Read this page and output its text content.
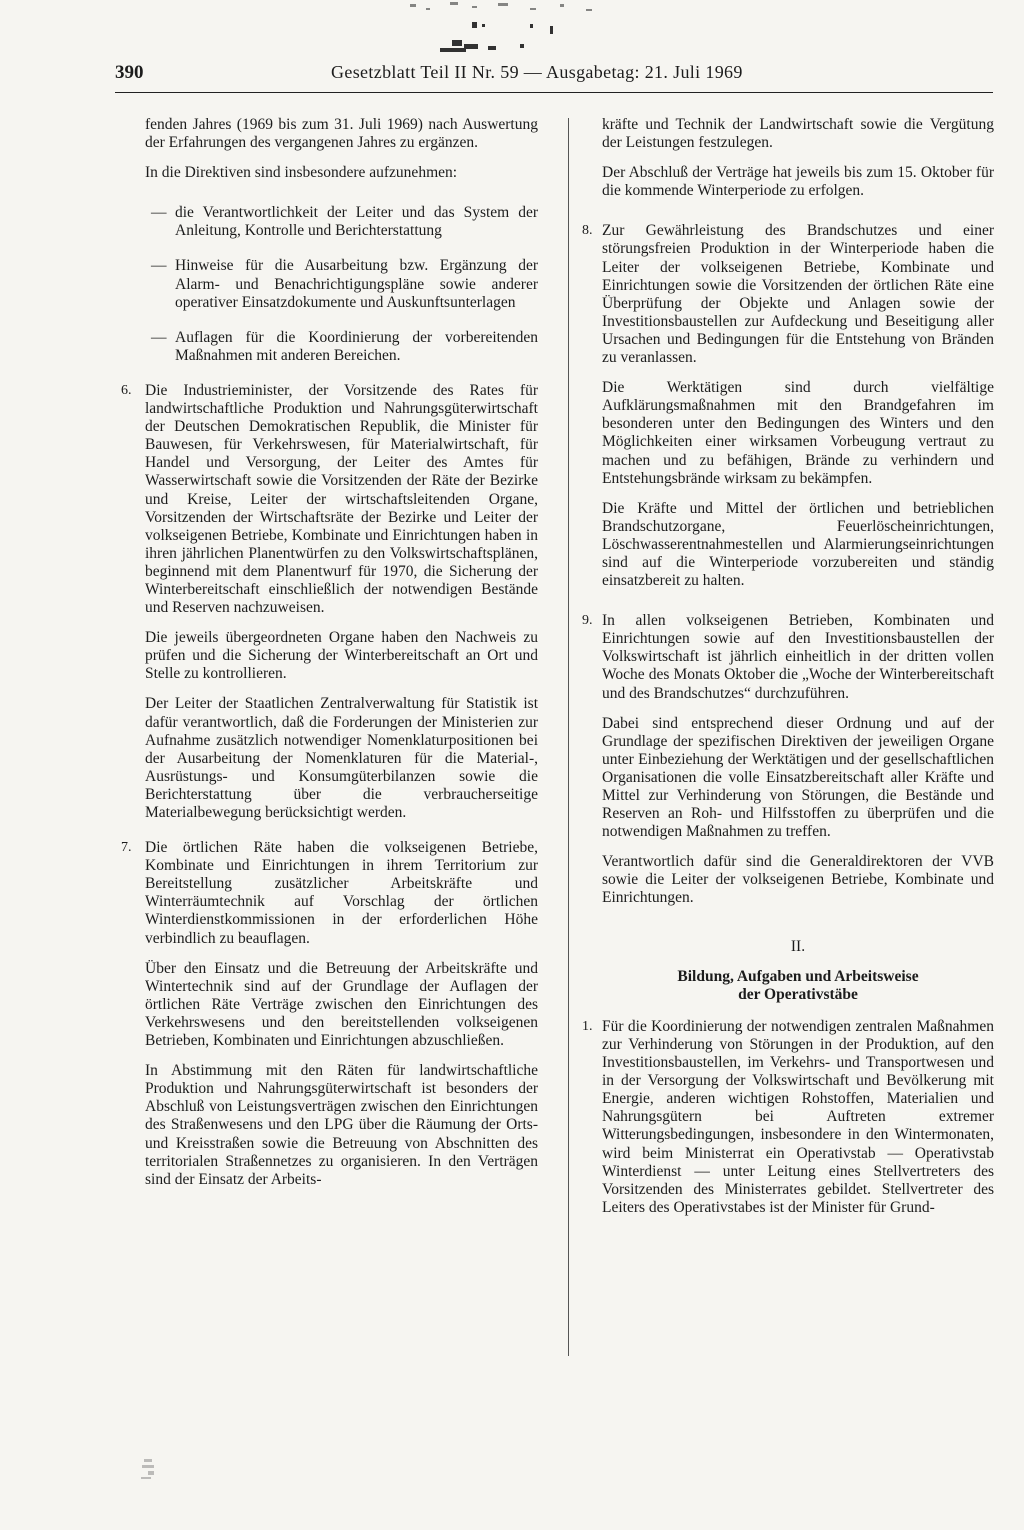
390	Gesetzblatt Teil II Nr. 59 — Ausgabetag: 21. Juli 1969

fenden Jahres (1969 bis zum 31. Juli 1969) nach Auswertung der Erfahrungen des vergangenen Jahres zu ergänzen.

In die Direktiven sind insbesondere aufzunehmen:

— die Verantwortlichkeit der Leiter und das System der Anleitung, Kontrolle und Berichterstattung
— Hinweise für die Ausarbeitung bzw. Ergänzung der Alarm- und Benachrichtigungspläne sowie anderer operativer Einsatzdokumente und Auskunftsunterlagen
— Auflagen für die Koordinierung der vorbereitenden Maßnahmen mit anderen Bereichen.
6. Die Industrieminister, der Vorsitzende des Rates für landwirtschaftliche Produktion und Nahrungsgüterwirtschaft der Deutschen Demokratischen Republik, die Minister für Bauwesen, für Verkehrswesen, für Materialwirtschaft, für Handel und Versorgung, der Leiter des Amtes für Wasserwirtschaft sowie die Vorsitzenden der Räte der Bezirke und Kreise, Leiter der wirtschaftsleitenden Organe, Vorsitzenden der Wirtschaftsräte der Bezirke und Leiter der volkseigenen Betriebe, Kombinate und Einrichtungen haben in ihren jährlichen Planentwürfen zu den Volkswirtschaftsplänen, beginnend mit dem Planentwurf für 1970, die Sicherung der Winterbereitschaft einschließlich der notwendigen Bestände und Reserven nachzuweisen.

Die jeweils übergeordneten Organe haben den Nachweis zu prüfen und die Sicherung der Winterbereitschaft an Ort und Stelle zu kontrollieren.

Der Leiter der Staatlichen Zentralverwaltung für Statistik ist dafür verantwortlich, daß die Forderungen der Ministerien zur Aufnahme zusätzlich notwendiger Nomenklaturpositionen bei der Ausarbeitung der Nomenklaturen für die Material-, Ausrüstungs- und Konsumgüterbilanzen sowie die Berichterstattung über die verbraucherseitige Materialbewegung berücksichtigt werden.

7. Die örtlichen Räte haben die volkseigenen Betriebe, Kombinate und Einrichtungen in ihrem Territorium zur Bereitstellung zusätzlicher Arbeitskräfte und Winterräumtechnik auf Vorschlag der örtlichen Winterdienstkommissionen in der erforderlichen Höhe verbindlich zu beauflagen.

Über den Einsatz und die Betreuung der Arbeitskräfte und Wintertechnik sind auf der Grundlage der Auflagen der örtlichen Räte Verträge zwischen den Einrichtungen des Verkehrswesens und den bereitstellenden volkseigenen Betrieben, Kombinaten und Einrichtungen abzuschließen.

In Abstimmung mit den Räten für landwirtschaftliche Produktion und Nahrungsgüterwirtschaft ist besonders der Abschluß von Leistungsverträgen zwischen den Einrichtungen des Straßenwesens und den LPG über die Räumung der Orts- und Kreisstraßen sowie die Betreuung von Abschnitten des territorialen Straßennetzes zu organisieren. In den Verträgen sind der Einsatz der Arbeits-

kräfte und Technik der Landwirtschaft sowie die Vergütung der Leistungen festzulegen.

Der Abschluß der Verträge hat jeweils bis zum 15. Oktober für die kommende Winterperiode zu erfolgen.

8. Zur Gewährleistung des Brandschutzes und einer störungsfreien Produktion in der Winterperiode haben die Leiter der volkseigenen Betriebe, Kombinate und Einrichtungen sowie die Vorsitzenden der örtlichen Räte eine Überprüfung der Objekte und Anlagen sowie der Investitionsbaustellen zur Aufdeckung und Beseitigung aller Ursachen und Bedingungen für die Entstehung von Bränden zu veranlassen.

Die Werktätigen sind durch vielfältige Aufklärungsmaßnahmen mit den Brandgefahren im besonderen unter den Bedingungen des Winters und den Möglichkeiten einer wirksamen Vorbeugung vertraut zu machen und zu befähigen, Brände zu verhindern und Entstehungsbrände wirksam zu bekämpfen.

Die Kräfte und Mittel der örtlichen und betrieblichen Brandschutzorgane, Feuerlöscheinrichtungen, Löschwasserentnahmestellen und Alarmierungseinrichtungen sind auf die Winterperiode vorzubereiten und ständig einsatzbereit zu halten.

9. In allen volkseigenen Betrieben, Kombinaten und Einrichtungen sowie auf den Investitionsbaustellen der Volkswirtschaft ist jährlich einheitlich in der dritten vollen Woche des Monats Oktober die „Woche der Winterbereitschaft und des Brandschutzes“ durchzuführen.

Dabei sind entsprechend dieser Ordnung und auf der Grundlage der spezifischen Direktiven der jeweiligen Organe unter Einbeziehung der Werktätigen und der gesellschaftlichen Organisationen die volle Einsatzbereitschaft aller Kräfte und Mittel zur Verhinderung von Störungen, die Bestände und Reserven an Roh- und Hilfsstoffen zu überprüfen und die notwendigen Maßnahmen zu treffen.

Verantwortlich dafür sind die Generaldirektoren der VVB sowie die Leiter der volkseigenen Betriebe, Kombinate und Einrichtungen.

II.
Bildung, Aufgaben und Arbeitsweise
der Operativstäbe
1. Für die Koordinierung der notwendigen zentralen Maßnahmen zur Verhinderung von Störungen in der Produktion, auf den Investitionsbaustellen, im Verkehrs- und Transportwesen und in der Versorgung der Volkswirtschaft und Bevölkerung mit Energie, anderen wichtigen Rohstoffen, Materialien und Nahrungsgütern bei Auftreten extremer Witterungsbedingungen, insbesondere in den Wintermonaten, wird beim Ministerrat ein Operativstab — Operativstab Winterdienst — unter Leitung eines Stellvertreters des Vorsitzenden des Ministerrates gebildet. Stellvertreter des Leiters des Operativstabes ist der Minister für Grund-
